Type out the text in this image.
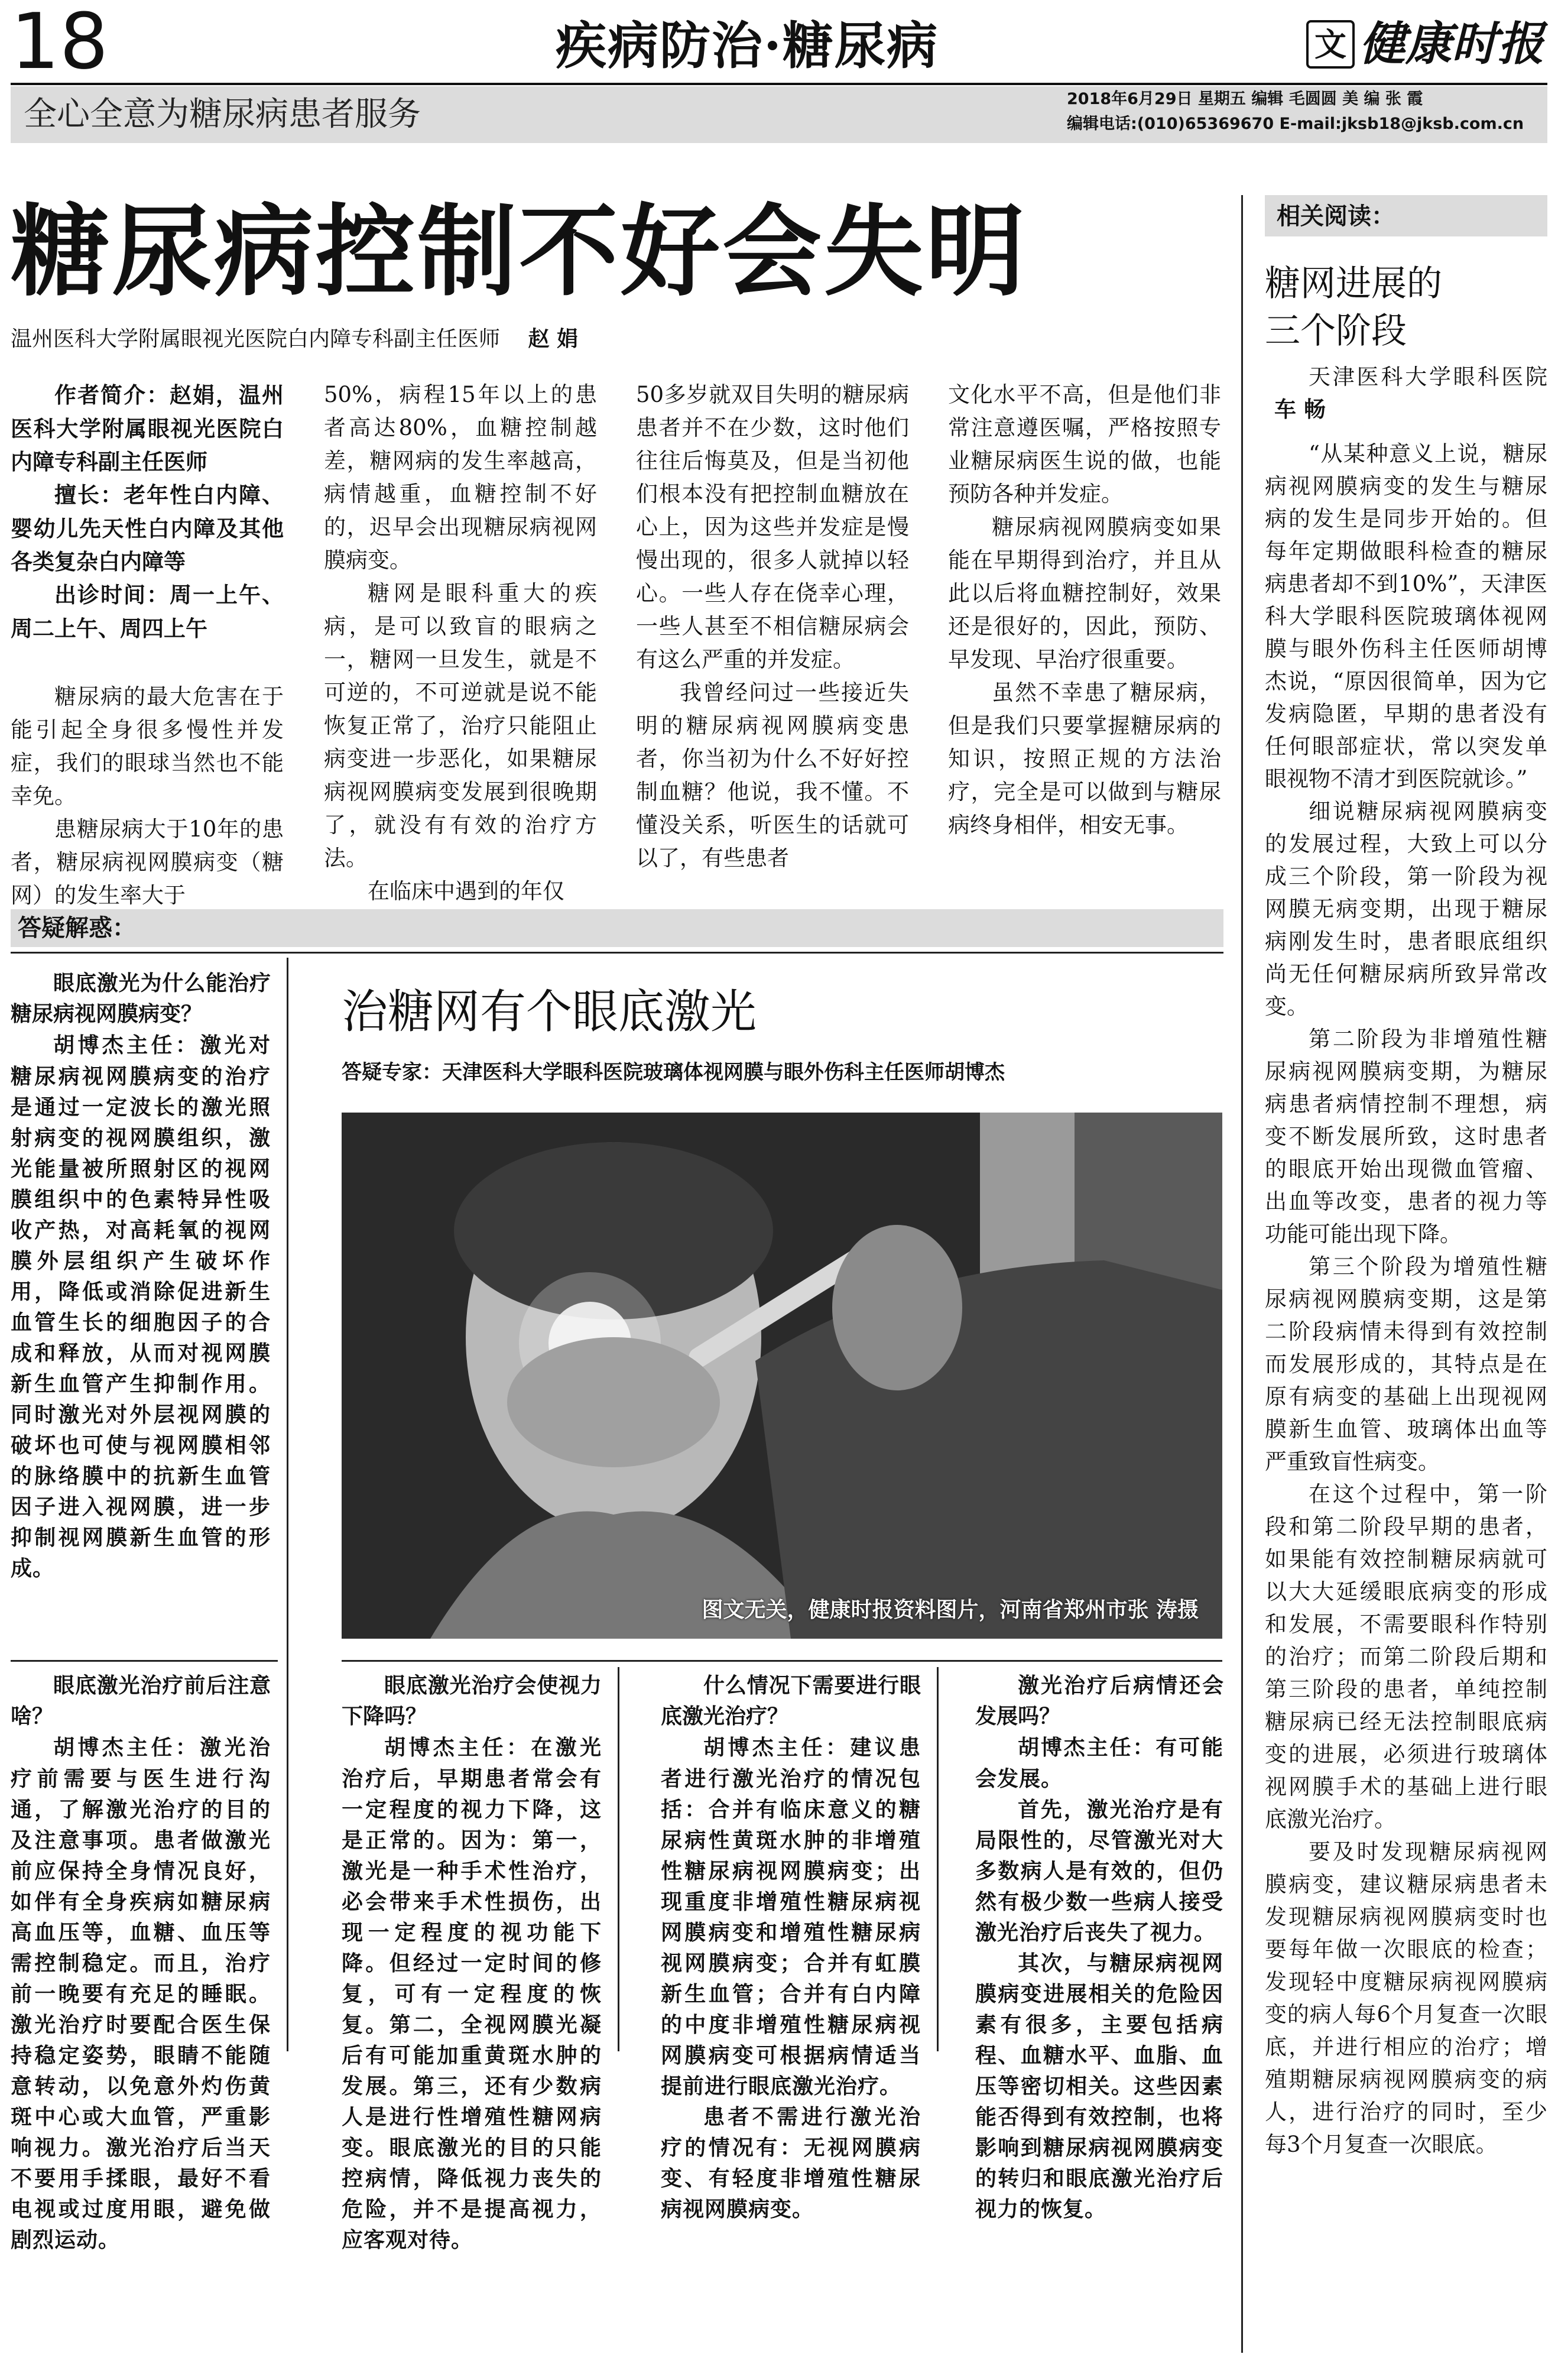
18	疾病防治·糖尿病	文 健康时报
全心全意为糖尿病患者服务	2018年6月29日 星期五 编辑 毛圆圆 美 编 张 霞
编辑电话:(010)65369670 E-mail:jksb18@jksb.com.cn
糖尿病控制不好会失明
温州医科大学附属眼视光医院白内障专科副主任医师 赵 娟

作者简介：赵娟，温州医科大学附属眼视光医院白内障专科副主任医师

擅长：老年性白内障、婴幼儿先天性白内障及其他各类复杂白内障等

出诊时间：周一上午、周二上午、周四上午

糖尿病的最大危害在于能引起全身很多慢性并发症，我们的眼球当然也不能幸免。

患糖尿病大于10年的患者，糖尿病视网膜病变（糖网）的发生率大于

50%，病程15年以上的患者高达80%，血糖控制越差，糖网病的发生率越高，病情越重，血糖控制不好的，迟早会出现糖尿病视网膜病变。

糖网是眼科重大的疾病，是可以致盲的眼病之一，糖网一旦发生，就是不可逆的，不可逆就是说不能恢复正常了，治疗只能阻止病变进一步恶化，如果糖尿病视网膜病变发展到很晚期了，就没有有效的治疗方法。

在临床中遇到的年仅

50多岁就双目失明的糖尿病患者并不在少数，这时他们往往后悔莫及，但是当初他们根本没有把控制血糖放在心上，因为这些并发症是慢慢出现的，很多人就掉以轻心。一些人存在侥幸心理，一些人甚至不相信糖尿病会有这么严重的并发症。

我曾经问过一些接近失明的糖尿病视网膜病变患者，你当初为什么不好好控制血糖？他说，我不懂。不懂没关系，听医生的话就可以了，有些患者

文化水平不高，但是他们非常注意遵医嘱，严格按照专业糖尿病医生说的做，也能预防各种并发症。

糖尿病视网膜病变如果能在早期得到治疗，并且从此以后将血糖控制好，效果还是很好的，因此，预防、早发现、早治疗很重要。

虽然不幸患了糖尿病，但是我们只要掌握糖尿病的知识，按照正规的方法治疗，完全是可以做到与糖尿病终身相伴，相安无事。

答疑解惑：

眼底激光为什么能治疗糖尿病视网膜病变？

胡博杰主任：激光对糖尿病视网膜病变的治疗是通过一定波长的激光照射病变的视网膜组织，激光能量被所照射区的视网膜组织中的色素特异性吸收产热，对高耗氧的视网膜外层组织产生破坏作用，降低或消除促进新生血管生长的细胞因子的合成和释放，从而对视网膜新生血管产生抑制作用。同时激光对外层视网膜的破坏也可使与视网膜相邻的脉络膜中的抗新生血管因子进入视网膜，进一步抑制视网膜新生血管的形成。

眼底激光治疗前后注意啥？

胡博杰主任：激光治疗前需要与医生进行沟通，了解激光治疗的目的及注意事项。患者做激光前应保持全身情况良好，如伴有全身疾病如糖尿病高血压等，血糖、血压等需控制稳定。而且，治疗前一晚要有充足的睡眠。激光治疗时要配合医生保持稳定姿势，眼睛不能随意转动，以免意外灼伤黄斑中心或大血管，严重影响视力。激光治疗后当天不要用手揉眼，最好不看电视或过度用眼，避免做剧烈运动。

治糖网有个眼底激光
答疑专家：天津医科大学眼科医院玻璃体视网膜与眼外伤科主任医师胡博杰
图文无关，健康时报资料图片，河南省郑州市张 涛摄

眼底激光治疗会使视力下降吗？

胡博杰主任：在激光治疗后，早期患者常会有一定程度的视力下降，这是正常的。因为：第一，激光是一种手术性治疗，必会带来手术性损伤，出现一定程度的视功能下降。但经过一定时间的修复，可有一定程度的恢复。第二，全视网膜光凝后有可能加重黄斑水肿的发展。第三，还有少数病人是进行性增殖性糖网病变。眼底激光的目的只能控病情，降低视力丧失的危险，并不是提高视力，应客观对待。

什么情况下需要进行眼底激光治疗？

胡博杰主任：建议患者进行激光治疗的情况包括：合并有临床意义的糖尿病性黄斑水肿的非增殖性糖尿病视网膜病变；出现重度非增殖性糖尿病视网膜病变和增殖性糖尿病视网膜病变；合并有虹膜新生血管；合并有白内障的中度非增殖性糖尿病视网膜病变可根据病情适当提前进行眼底激光治疗。

患者不需进行激光治疗的情况有：无视网膜病变、有轻度非增殖性糖尿病视网膜病变。

激光治疗后病情还会发展吗？

胡博杰主任：有可能会发展。

首先，激光治疗是有局限性的，尽管激光对大多数病人是有效的，但仍然有极少数一些病人接受激光治疗后丧失了视力。

其次，与糖尿病视网膜病变进展相关的危险因素有很多，主要包括病程、血糖水平、血脂、血压等密切相关。这些因素能否得到有效控制，也将影响到糖尿病视网膜病变的转归和眼底激光治疗后视力的恢复。

相关阅读：
糖网进展的三个阶段

天津医科大学眼科医院 车 畅

“从某种意义上说，糖尿病视网膜病变的发生与糖尿病的发生是同步开始的。但每年定期做眼科检查的糖尿病患者却不到10%”，天津医科大学眼科医院玻璃体视网膜与眼外伤科主任医师胡博杰说，“原因很简单，因为它发病隐匿，早期的患者没有任何眼部症状，常以突发单眼视物不清才到医院就诊。”

细说糖尿病视网膜病变的发展过程，大致上可以分成三个阶段，第一阶段为视网膜无病变期，出现于糖尿病刚发生时，患者眼底组织尚无任何糖尿病所致异常改变。

第二阶段为非增殖性糖尿病视网膜病变期，为糖尿病患者病情控制不理想，病变不断发展所致，这时患者的眼底开始出现微血管瘤、出血等改变，患者的视力等功能可能出现下降。

第三个阶段为增殖性糖尿病视网膜病变期，这是第二阶段病情未得到有效控制而发展形成的，其特点是在原有病变的基础上出现视网膜新生血管、玻璃体出血等严重致盲性病变。

在这个过程中，第一阶段和第二阶段早期的患者，如果能有效控制糖尿病就可以大大延缓眼底病变的形成和发展，不需要眼科作特别的治疗；而第二阶段后期和第三阶段的患者，单纯控制糖尿病已经无法控制眼底病变的进展，必须进行玻璃体视网膜手术的基础上进行眼底激光治疗。

要及时发现糖尿病视网膜病变，建议糖尿病患者未发现糖尿病视网膜病变时也要每年做一次眼底的检查；发现轻中度糖尿病视网膜病变的病人每6个月复查一次眼底，并进行相应的治疗；增殖期糖尿病视网膜病变的病人，进行治疗的同时，至少每3个月复查一次眼底。
